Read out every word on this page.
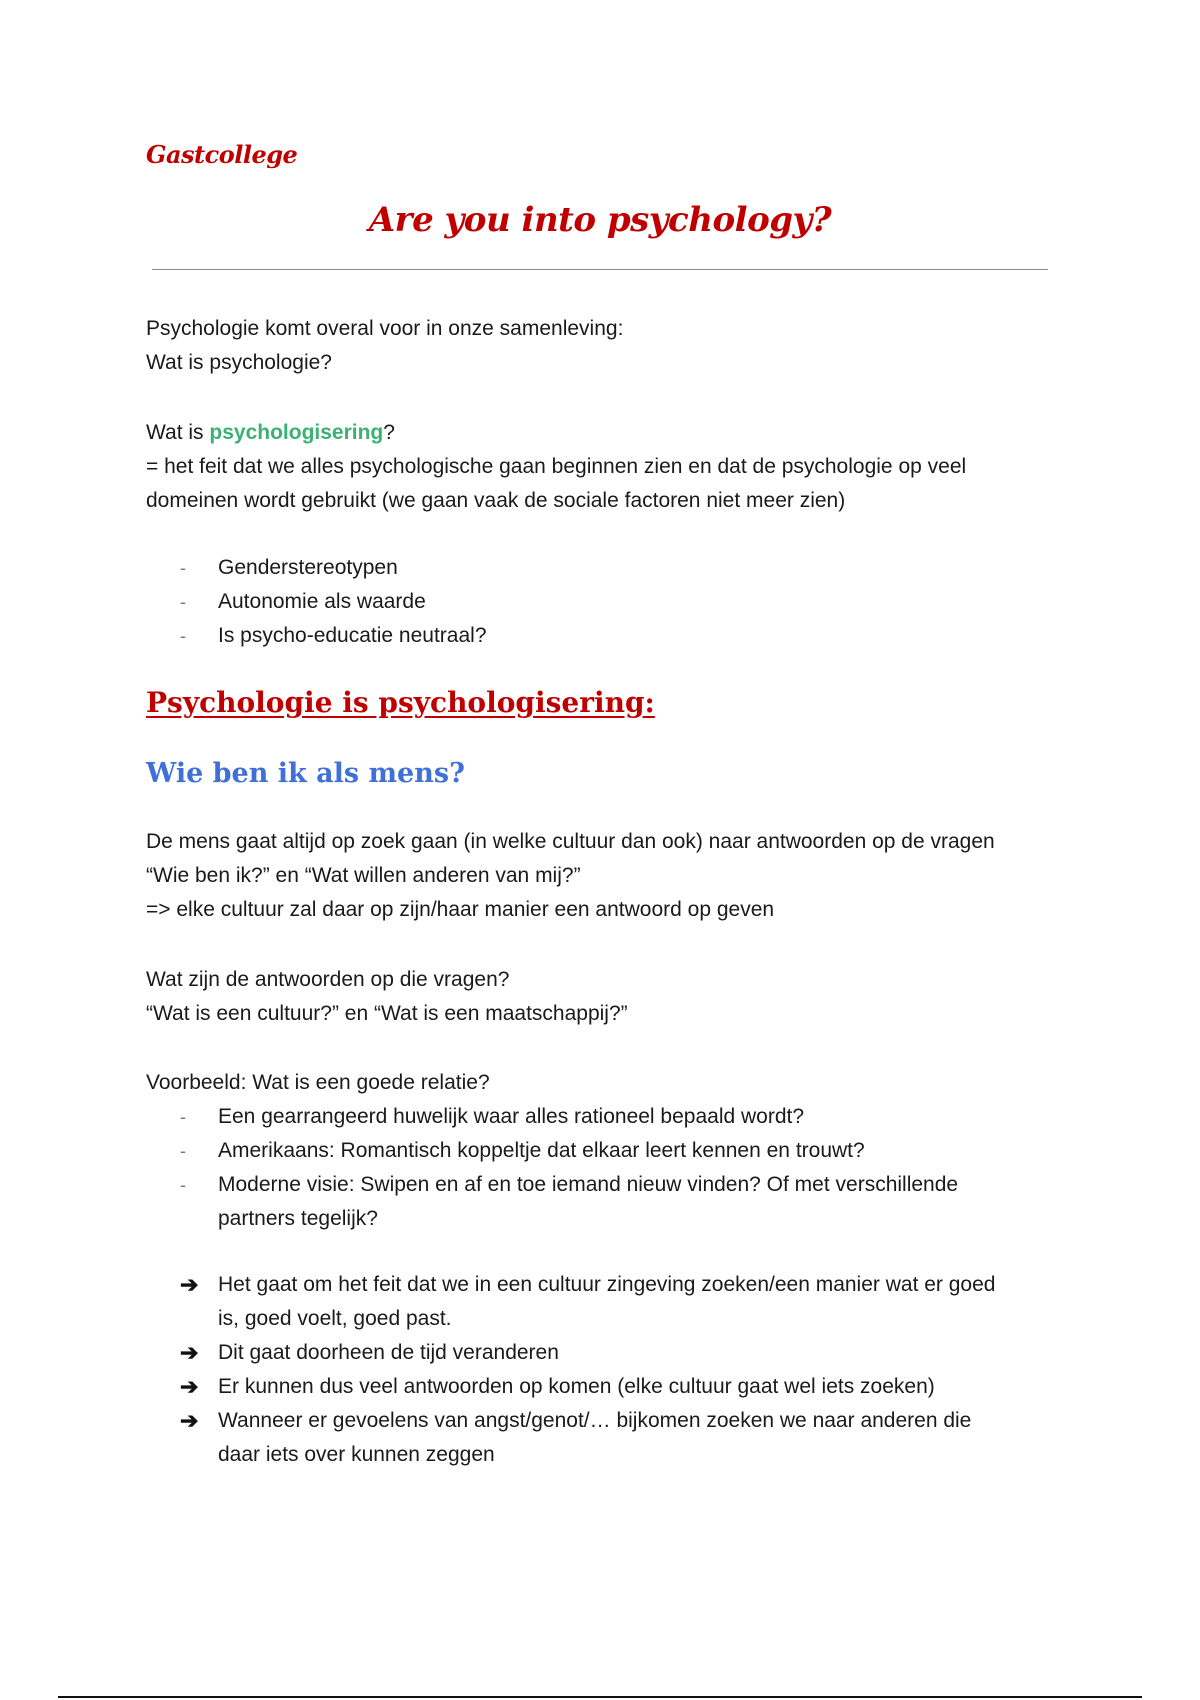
Gastcollege
Are you into psychology?
Psychologie komt overal voor in onze samenleving:
Wat is psychologie?
Wat is psychologisering?
= het feit dat we alles psychologische gaan beginnen zien en dat de psychologie op veel
domeinen wordt gebruikt (we gaan vaak de sociale factoren niet meer zien)
- Genderstereotypen
- Autonomie als waarde
- Is psycho-educatie neutraal?
Psychologie is psychologisering:
Wie ben ik als mens?
De mens gaat altijd op zoek gaan (in welke cultuur dan ook) naar antwoorden op de vragen
“Wie ben ik?” en “Wat willen anderen van mij?”
=> elke cultuur zal daar op zijn/haar manier een antwoord op geven
Wat zijn de antwoorden op die vragen?
“Wat is een cultuur?” en “Wat is een maatschappij?”
Voorbeeld: Wat is een goede relatie?
- Een gearrangeerd huwelijk waar alles rationeel bepaald wordt?
- Amerikaans: Romantisch koppeltje dat elkaar leert kennen en trouwt?
- Moderne visie: Swipen en af en toe iemand nieuw vinden? Of met verschillende
partners tegelijk?
➔ Het gaat om het feit dat we in een cultuur zingeving zoeken/een manier wat er goed
is, goed voelt, goed past.
➔ Dit gaat doorheen de tijd veranderen
➔ Er kunnen dus veel antwoorden op komen (elke cultuur gaat wel iets zoeken)
➔ Wanneer er gevoelens van angst/genot/… bijkomen zoeken we naar anderen die
daar iets over kunnen zeggen
